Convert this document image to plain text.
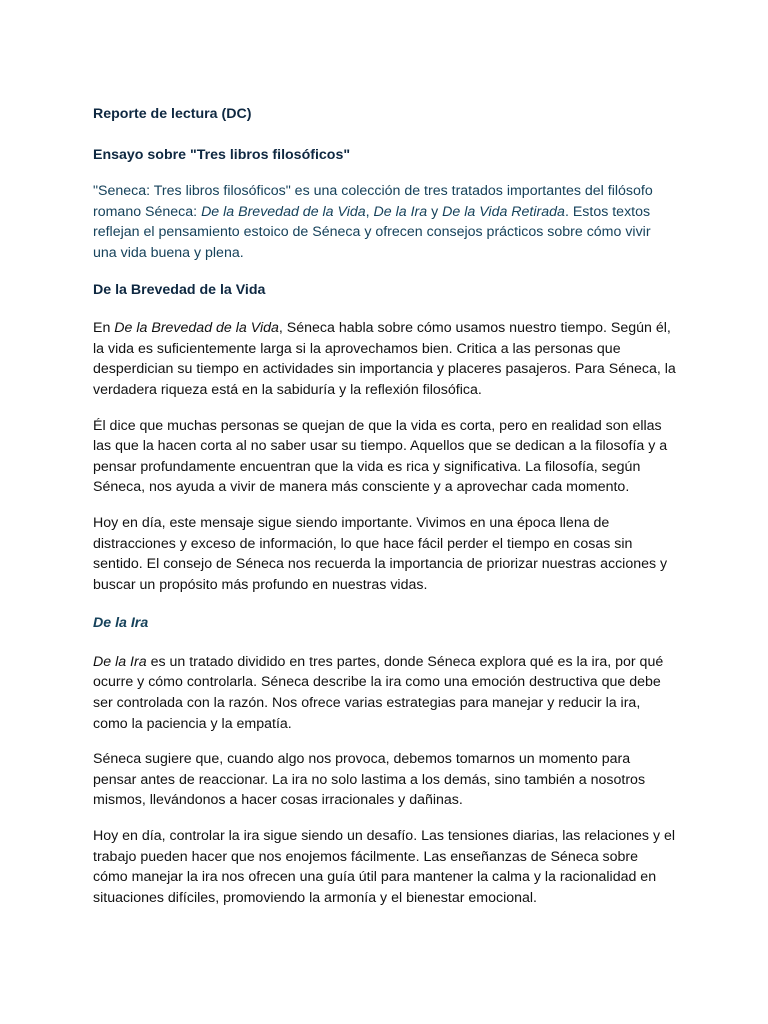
Reporte de lectura (DC)

Ensayo sobre "Tres libros filosóficos"

"Seneca: Tres libros filosóficos" es una colección de tres tratados importantes del filósofo romano Séneca: De la Brevedad de la Vida, De la Ira y De la Vida Retirada. Estos textos reflejan el pensamiento estoico de Séneca y ofrecen consejos prácticos sobre cómo vivir una vida buena y plena.

De la Brevedad de la Vida

En De la Brevedad de la Vida, Séneca habla sobre cómo usamos nuestro tiempo. Según él, la vida es suficientemente larga si la aprovechamos bien. Critica a las personas que desperdician su tiempo en actividades sin importancia y placeres pasajeros. Para Séneca, la verdadera riqueza está en la sabiduría y la reflexión filosófica.

Él dice que muchas personas se quejan de que la vida es corta, pero en realidad son ellas las que la hacen corta al no saber usar su tiempo. Aquellos que se dedican a la filosofía y a pensar profundamente encuentran que la vida es rica y significativa. La filosofía, según Séneca, nos ayuda a vivir de manera más consciente y a aprovechar cada momento.

Hoy en día, este mensaje sigue siendo importante. Vivimos en una época llena de distracciones y exceso de información, lo que hace fácil perder el tiempo en cosas sin sentido. El consejo de Séneca nos recuerda la importancia de priorizar nuestras acciones y buscar un propósito más profundo en nuestras vidas.

De la Ira

De la Ira es un tratado dividido en tres partes, donde Séneca explora qué es la ira, por qué ocurre y cómo controlarla. Séneca describe la ira como una emoción destructiva que debe ser controlada con la razón. Nos ofrece varias estrategias para manejar y reducir la ira, como la paciencia y la empatía.

Séneca sugiere que, cuando algo nos provoca, debemos tomarnos un momento para pensar antes de reaccionar. La ira no solo lastima a los demás, sino también a nosotros mismos, llevándonos a hacer cosas irracionales y dañinas.

Hoy en día, controlar la ira sigue siendo un desafío. Las tensiones diarias, las relaciones y el trabajo pueden hacer que nos enojemos fácilmente. Las enseñanzas de Séneca sobre cómo manejar la ira nos ofrecen una guía útil para mantener la calma y la racionalidad en situaciones difíciles, promoviendo la armonía y el bienestar emocional.
